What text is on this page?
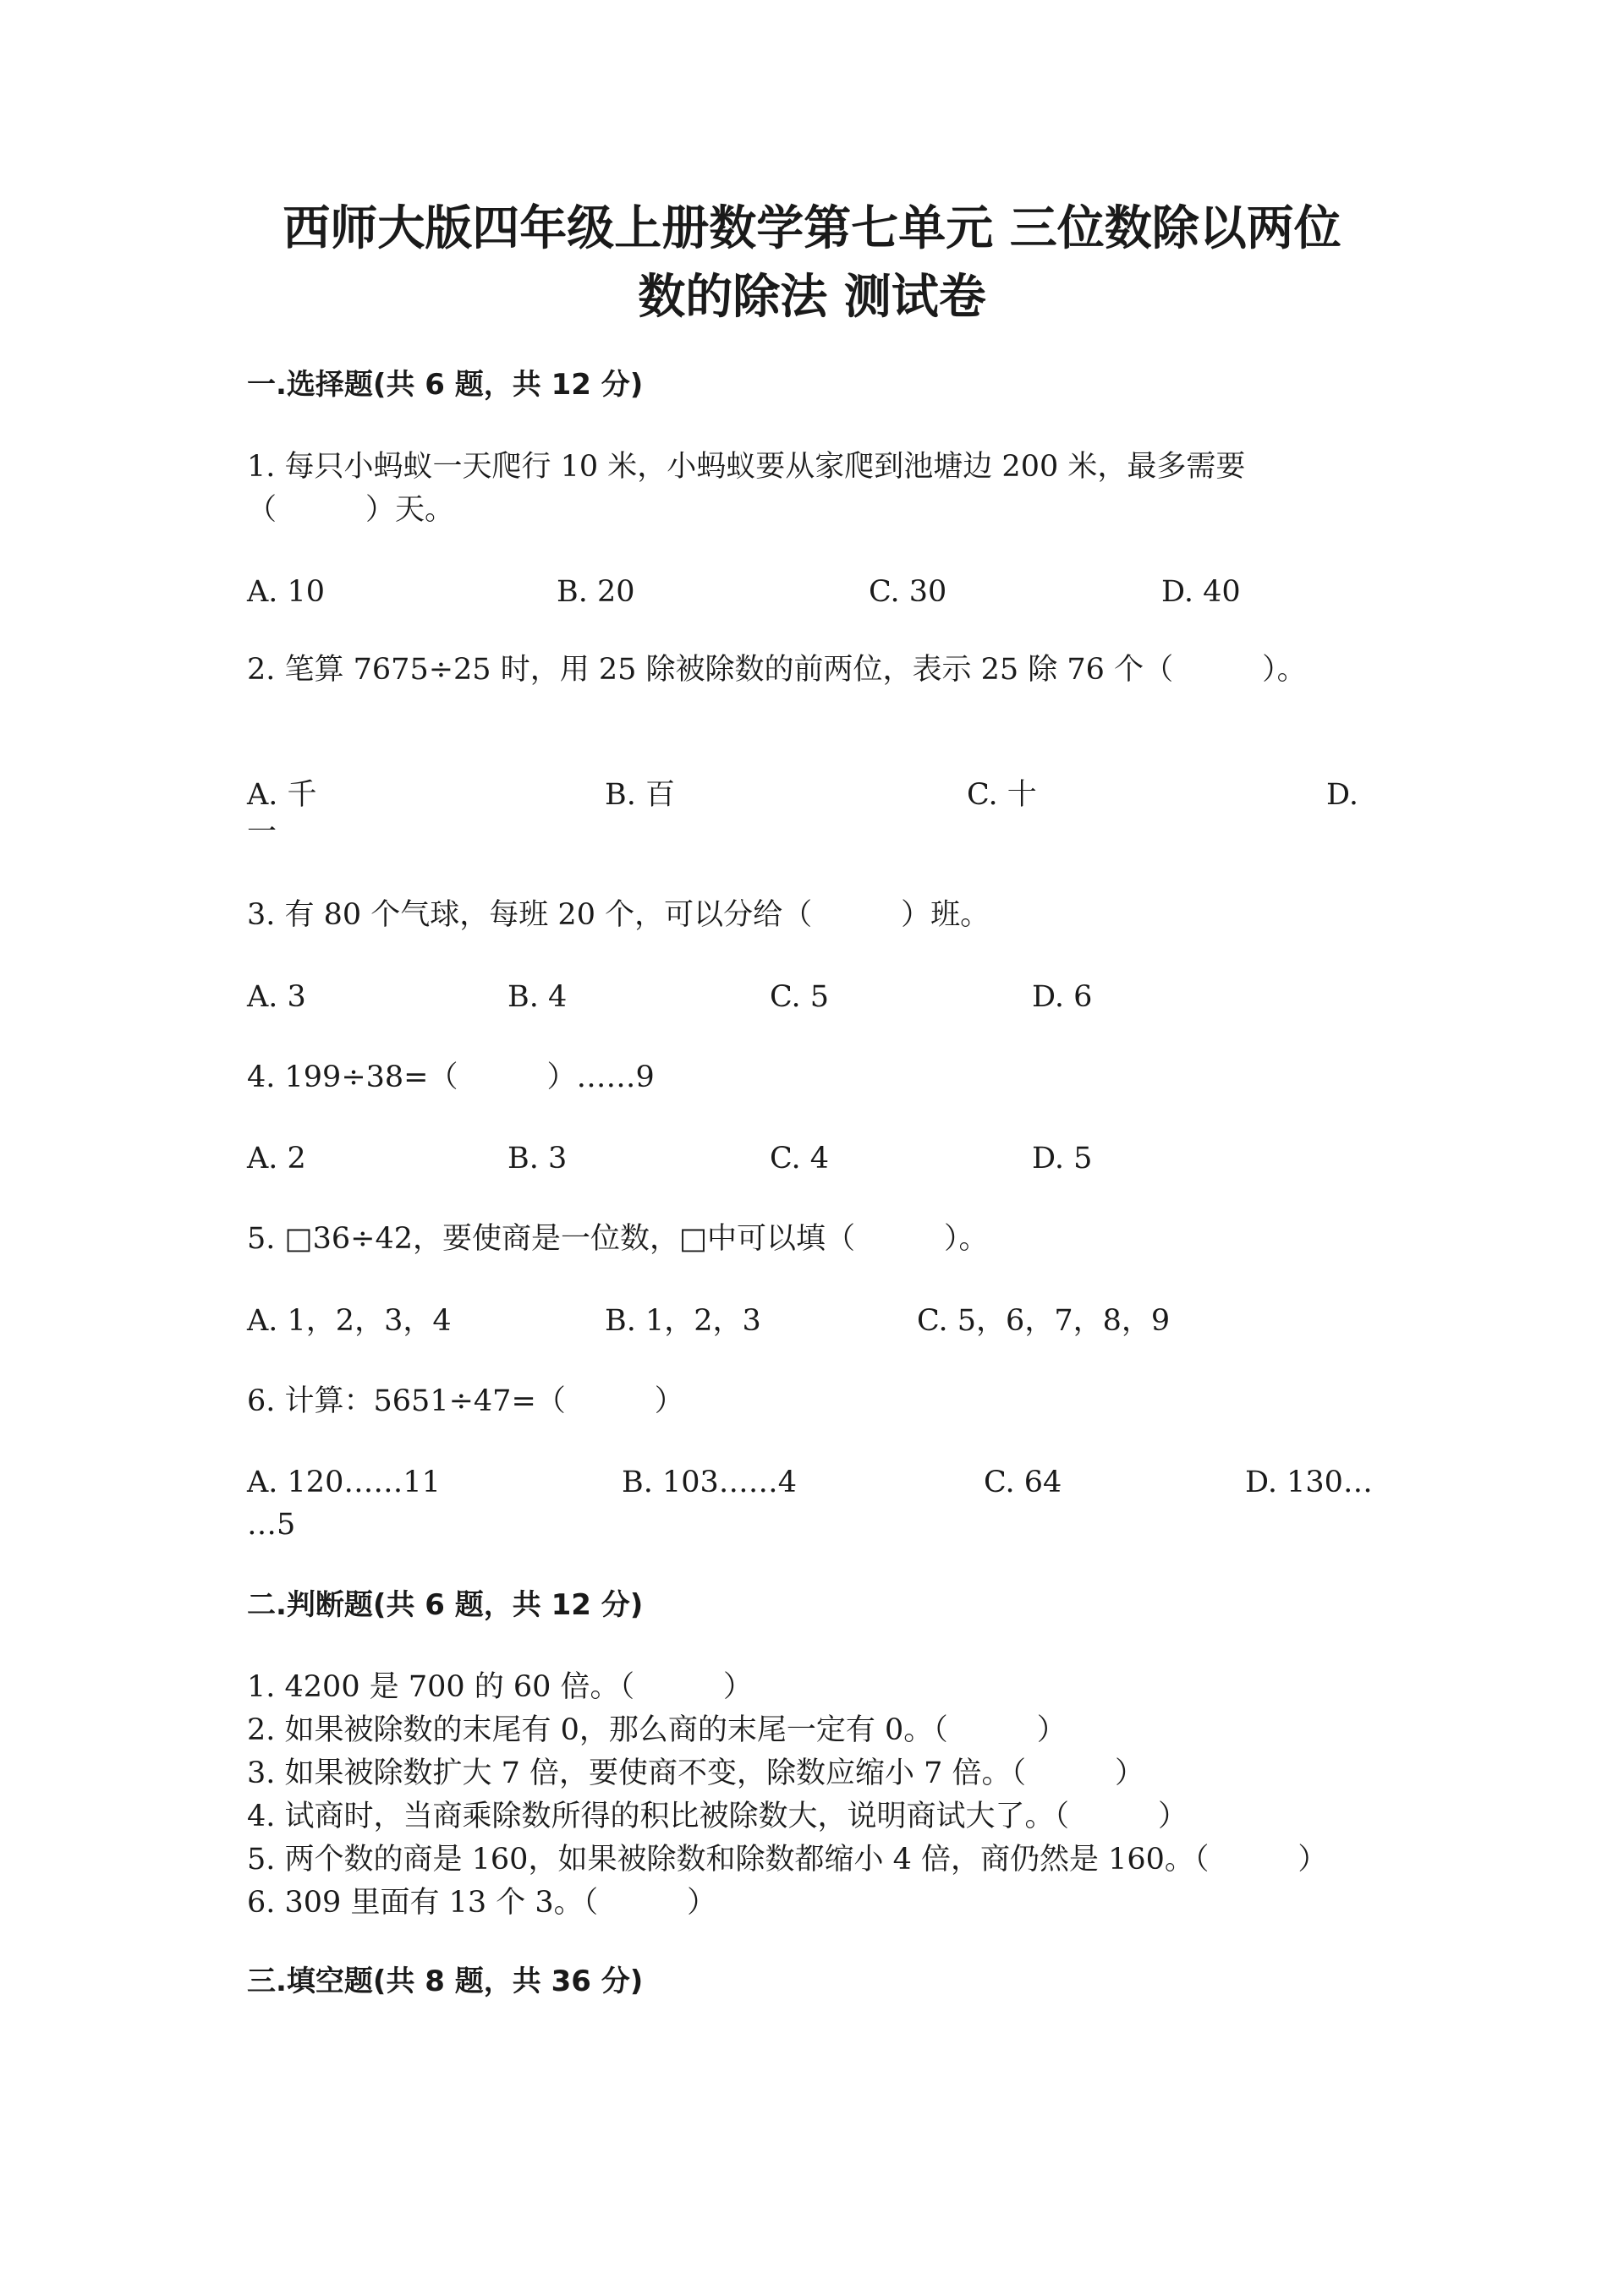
西师大版四年级上册数学第七单元 三位数除以两位
数的除法 测试卷

一.选择题(共 6 题，共 12 分)

1. 每只小蚂蚁一天爬行 10 米，小蚂蚁要从家爬到池塘边 200 米，最多需要

（　　　）天。

A. 10	B. 20	C. 30	D. 40

2. 笔算 7675÷25 时，用 25 除被除数的前两位，表示 25 除 76 个（　　　）。

A. 千	B. 百	C. 十	D.

一

3. 有 80 个气球，每班 20 个，可以分给（　　　）班。

A. 3	B. 4	C. 5	D. 6

4. 199÷38=（　　　）……9

A. 2	B. 3	C. 4	D. 5

5. □36÷42，要使商是一位数，□中可以填（　　　）。

A. 1，2，3，4	B. 1，2，3	C. 5，6，7，8，9

6. 计算：5651÷47=（　　　）

A. 120……11	B. 103……4	C. 64	D. 130…

…5

二.判断题(共 6 题，共 12 分)

1. 4200 是 700 的 60 倍。（　　　）

2. 如果被除数的末尾有 0，那么商的末尾一定有 0。（　　　）

3. 如果被除数扩大 7 倍，要使商不变，除数应缩小 7 倍。（　　　）

4. 试商时，当商乘除数所得的积比被除数大，说明商试大了。（　　　）

5. 两个数的商是 160，如果被除数和除数都缩小 4 倍，商仍然是 160。（　　　）

6. 309 里面有 13 个 3。（　　　）

三.填空题(共 8 题，共 36 分)
